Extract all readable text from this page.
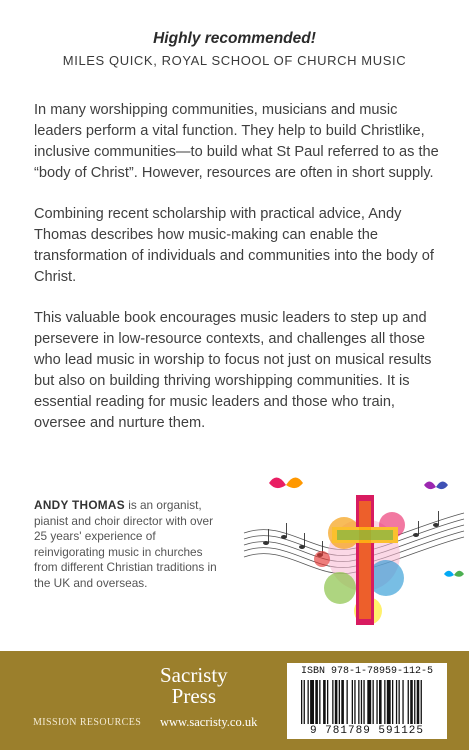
Highly recommended!
MILES QUICK, ROYAL SCHOOL OF CHURCH MUSIC

In many worshipping communities, musicians and music leaders perform a vital function. They help to build Christlike, inclusive communities—to build what St Paul referred to as the “body of Christ”. However, resources are often in short supply.

Combining recent scholarship with practical advice, Andy Thomas describes how music-making can enable the transformation of individuals and communities into the body of Christ.

This valuable book encourages music leaders to step up and persevere in low-resource contexts, and challenges all those who lead music in worship to focus not just on musical results but also on building thriving worshipping communities. It is essential reading for music leaders and those who train, oversee and nurture them.

ANDY THOMAS is an organist, pianist and choir director with over 25 years' experience of reinvigorating music in churches from different Christian traditions in the UK and overseas.
Sacristy
Press
MISSION RESOURCES www.sacristy.co.uk
ISBN 978-1-78959-112-5
9 781789 591125
